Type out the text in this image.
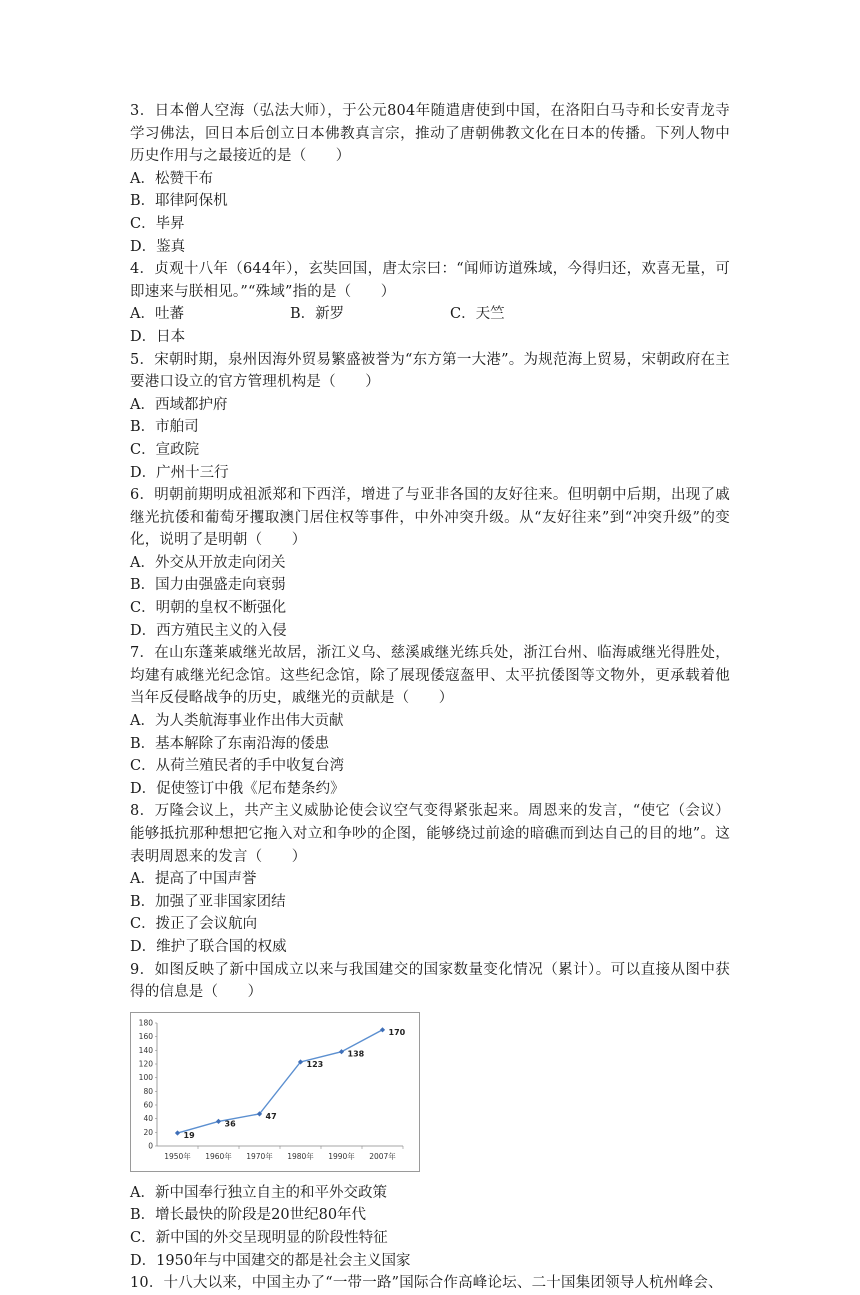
3．日本僧人空海（弘法大师），于公元804年随遣唐使到中国，在洛阳白马寺和长安青龙寺学习佛法，回日本后创立日本佛教真言宗，推动了唐朝佛教文化在日本的传播。下列人物中历史作用与之最接近的是（　　）
A．松赞干布
B．耶律阿保机
C．毕昇
D．鉴真
4．贞观十八年（644年），玄奘回国，唐太宗曰：“闻师访道殊域，今得归还，欢喜无量，可即速来与朕相见。”“殊域”指的是（　　）
A．吐蕃	B．新罗	C．天竺
D．日本
5．宋朝时期，泉州因海外贸易繁盛被誉为“东方第一大港”。为规范海上贸易，宋朝政府在主要港口设立的官方管理机构是（　　）
A．西域都护府
B．市舶司
C．宣政院
D．广州十三行
6．明朝前期明成祖派郑和下西洋，增进了与亚非各国的友好往来。但明朝中后期，出现了戚继光抗倭和葡萄牙攫取澳门居住权等事件，中外冲突升级。从“友好往来”到“冲突升级”的变化，说明了是明朝（　　）
A．外交从开放走向闭关
B．国力由强盛走向衰弱
C．明朝的皇权不断强化
D．西方殖民主义的入侵
7．在山东蓬莱戚继光故居，浙江义乌、慈溪戚继光练兵处，浙江台州、临海戚继光得胜处，均建有戚继光纪念馆。这些纪念馆，除了展现倭寇盔甲、太平抗倭图等文物外，更承载着他当年反侵略战争的历史，戚继光的贡献是（　　）
A．为人类航海事业作出伟大贡献
B．基本解除了东南沿海的倭患
C．从荷兰殖民者的手中收复台湾
D．促使签订中俄《尼布楚条约》
8．万隆会议上，共产主义威胁论使会议空气变得紧张起来。周恩来的发言，“使它（会议）能够抵抗那种想把它拖入对立和争吵的企图，能够绕过前途的暗礁而到达自己的目的地”。这表明周恩来的发言（　　）
A．提高了中国声誉
B．加强了亚非国家团结
C．拨正了会议航向
D．维护了联合国的权威
9．如图反映了新中国成立以来与我国建交的国家数量变化情况（累计）。可以直接从图中获得的信息是（　　）
0
20
40
60
80
100
120
140
160
180
1950年 1960年 1970年 1980年 1990年 2007年
19
36
47
123
138
170
A．新中国奉行独立自主的和平外交政策
B．增长最快的阶段是20世纪80年代
C．新中国的外交呈现明显的阶段性特征
D．1950年与中国建交的都是社会主义国家
10．十八大以来，中国主办了“一带一路”国际合作高峰论坛、二十国集团领导人杭州峰会、
